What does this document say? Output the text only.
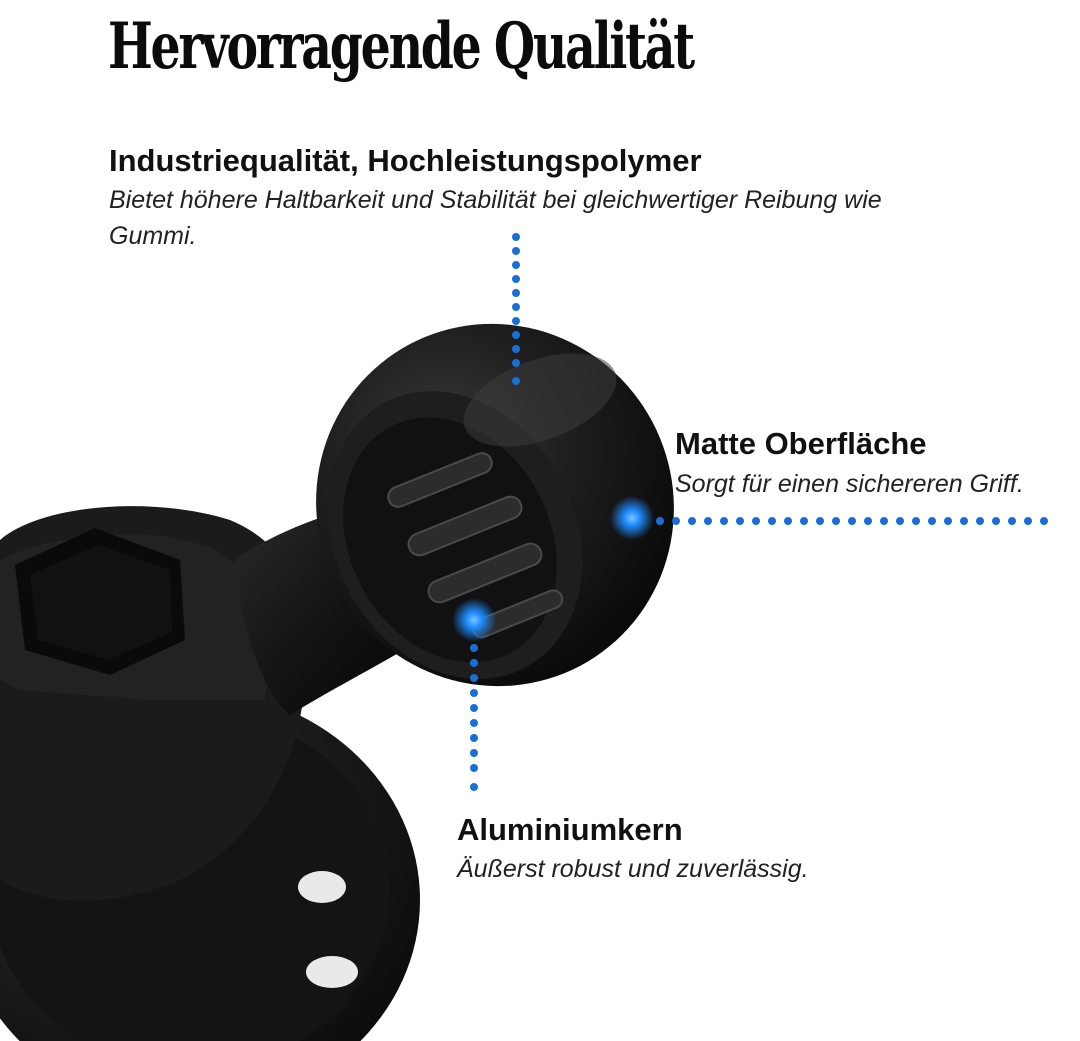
Hervorragende Qualität
Industriequalität, Hochleistungspolymer

Bietet höhere Haltbarkeit und Stabilität bei gleichwertiger Reibung wie Gummi.

Matte Oberfläche

Sorgt für einen sichereren Griff.

Aluminiumkern

Äußerst robust und zuverlässig.
